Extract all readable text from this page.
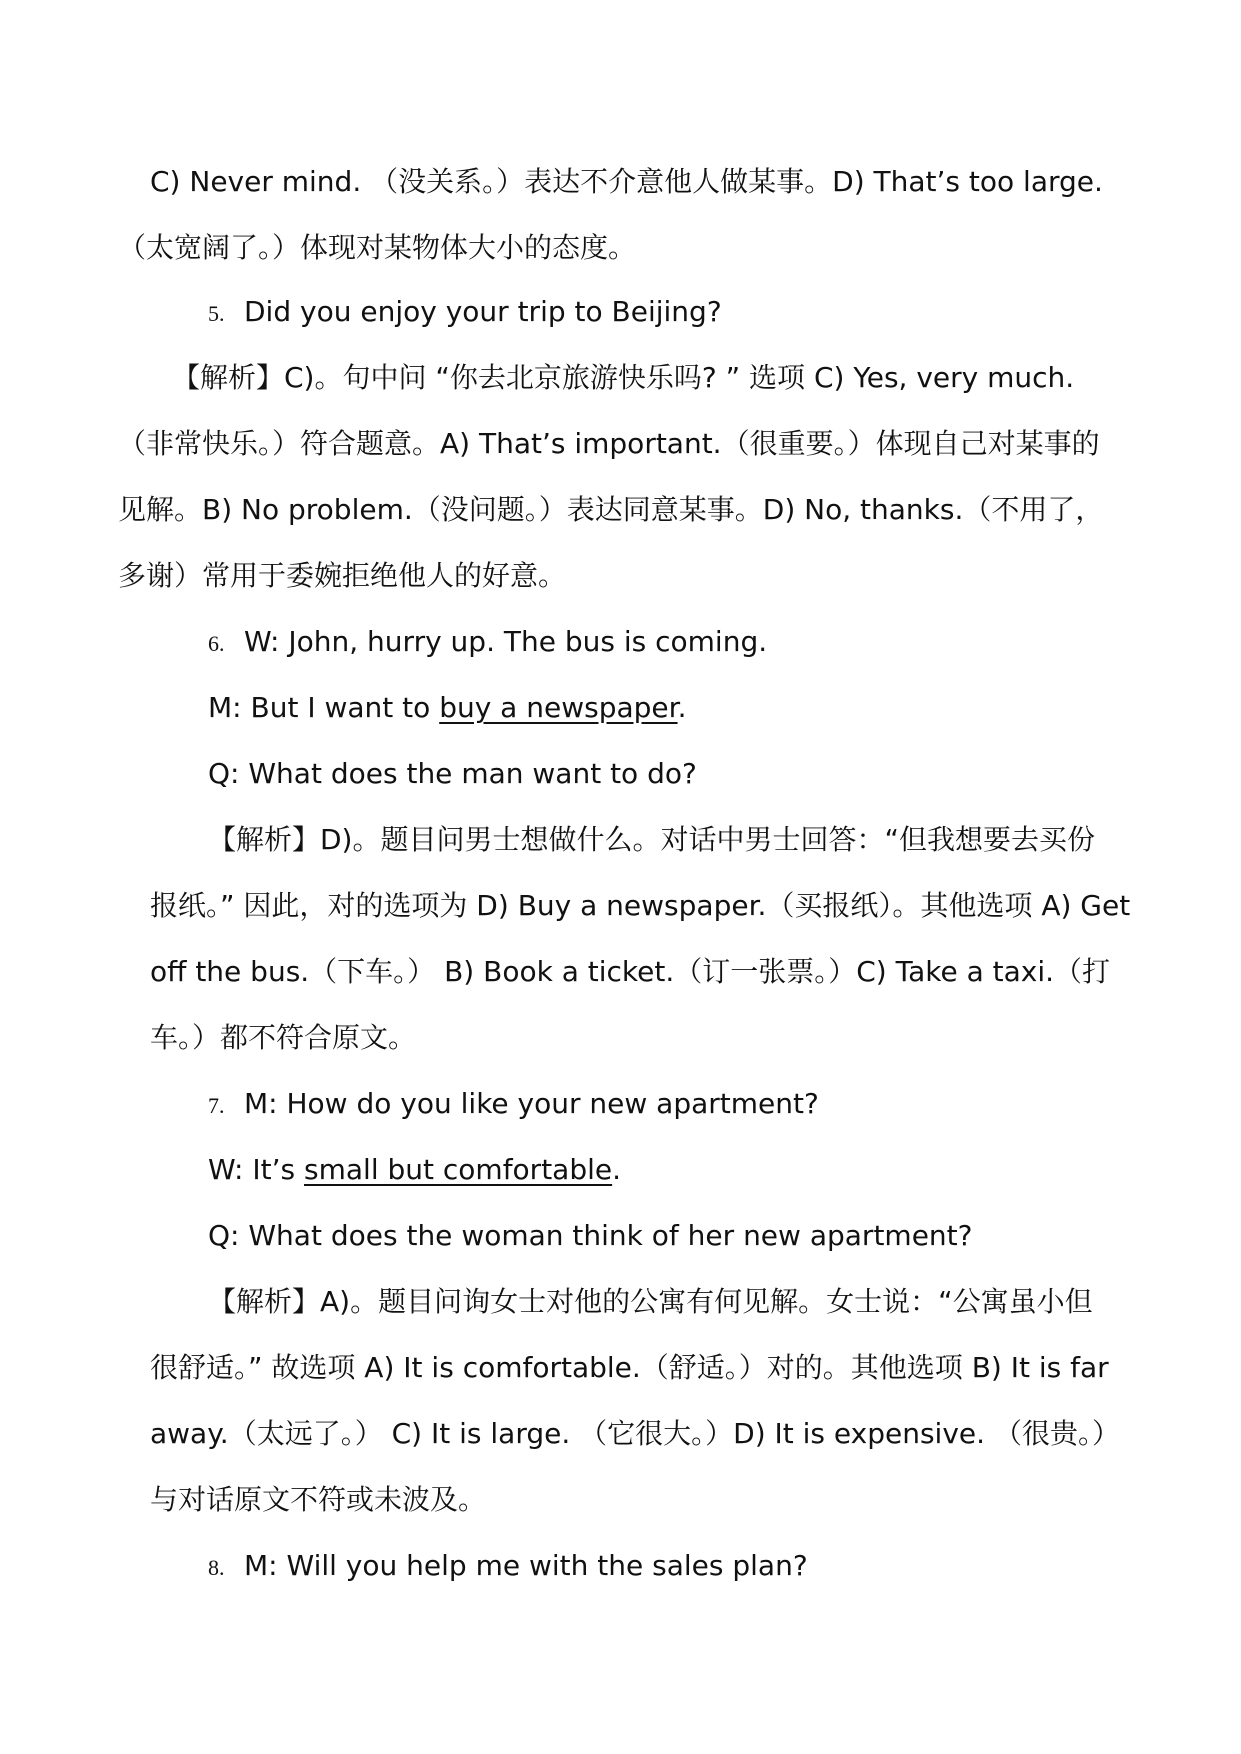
C) Never mind. （没关系。）表达不介意他人做某事。D) That’s too large.
（太宽阔了。）体现对某物体大小的态度。
5. Did you enjoy your trip to Beijing?
【解析】C)。句中问 “你去北京旅游快乐吗? ” 选项 C) Yes, very much.
（非常快乐。）符合题意。A) That’s important.（很重要。）体现自己对某事的
见解。B) No problem.（没问题。）表达同意某事。D) No, thanks.（不用了，
多谢）常用于委婉拒绝他人的好意。
6. W: John, hurry up. The bus is coming.
M: But I want to buy a newspaper.
Q: What does the man want to do?
【解析】D)。题目问男士想做什么。对话中男士回答：“但我想要去买份
报纸。” 因此，对的选项为 D) Buy a newspaper.（买报纸）。其他选项 A) Get
off the bus.（下车。） B) Book a ticket.（订一张票。）C) Take a taxi.（打
车。）都不符合原文。
7. M: How do you like your new apartment?
W: It’s small but comfortable.
Q: What does the woman think of her new apartment?
【解析】A)。题目问询女士对他的公寓有何见解。女士说：“公寓虽小但
很舒适。” 故选项 A) It is comfortable.（舒适。）对的。其他选项 B) It is far
away.（太远了。） C) It is large. （它很大。）D) It is expensive. （很贵。）
与对话原文不符或未波及。
8. M: Will you help me with the sales plan?
